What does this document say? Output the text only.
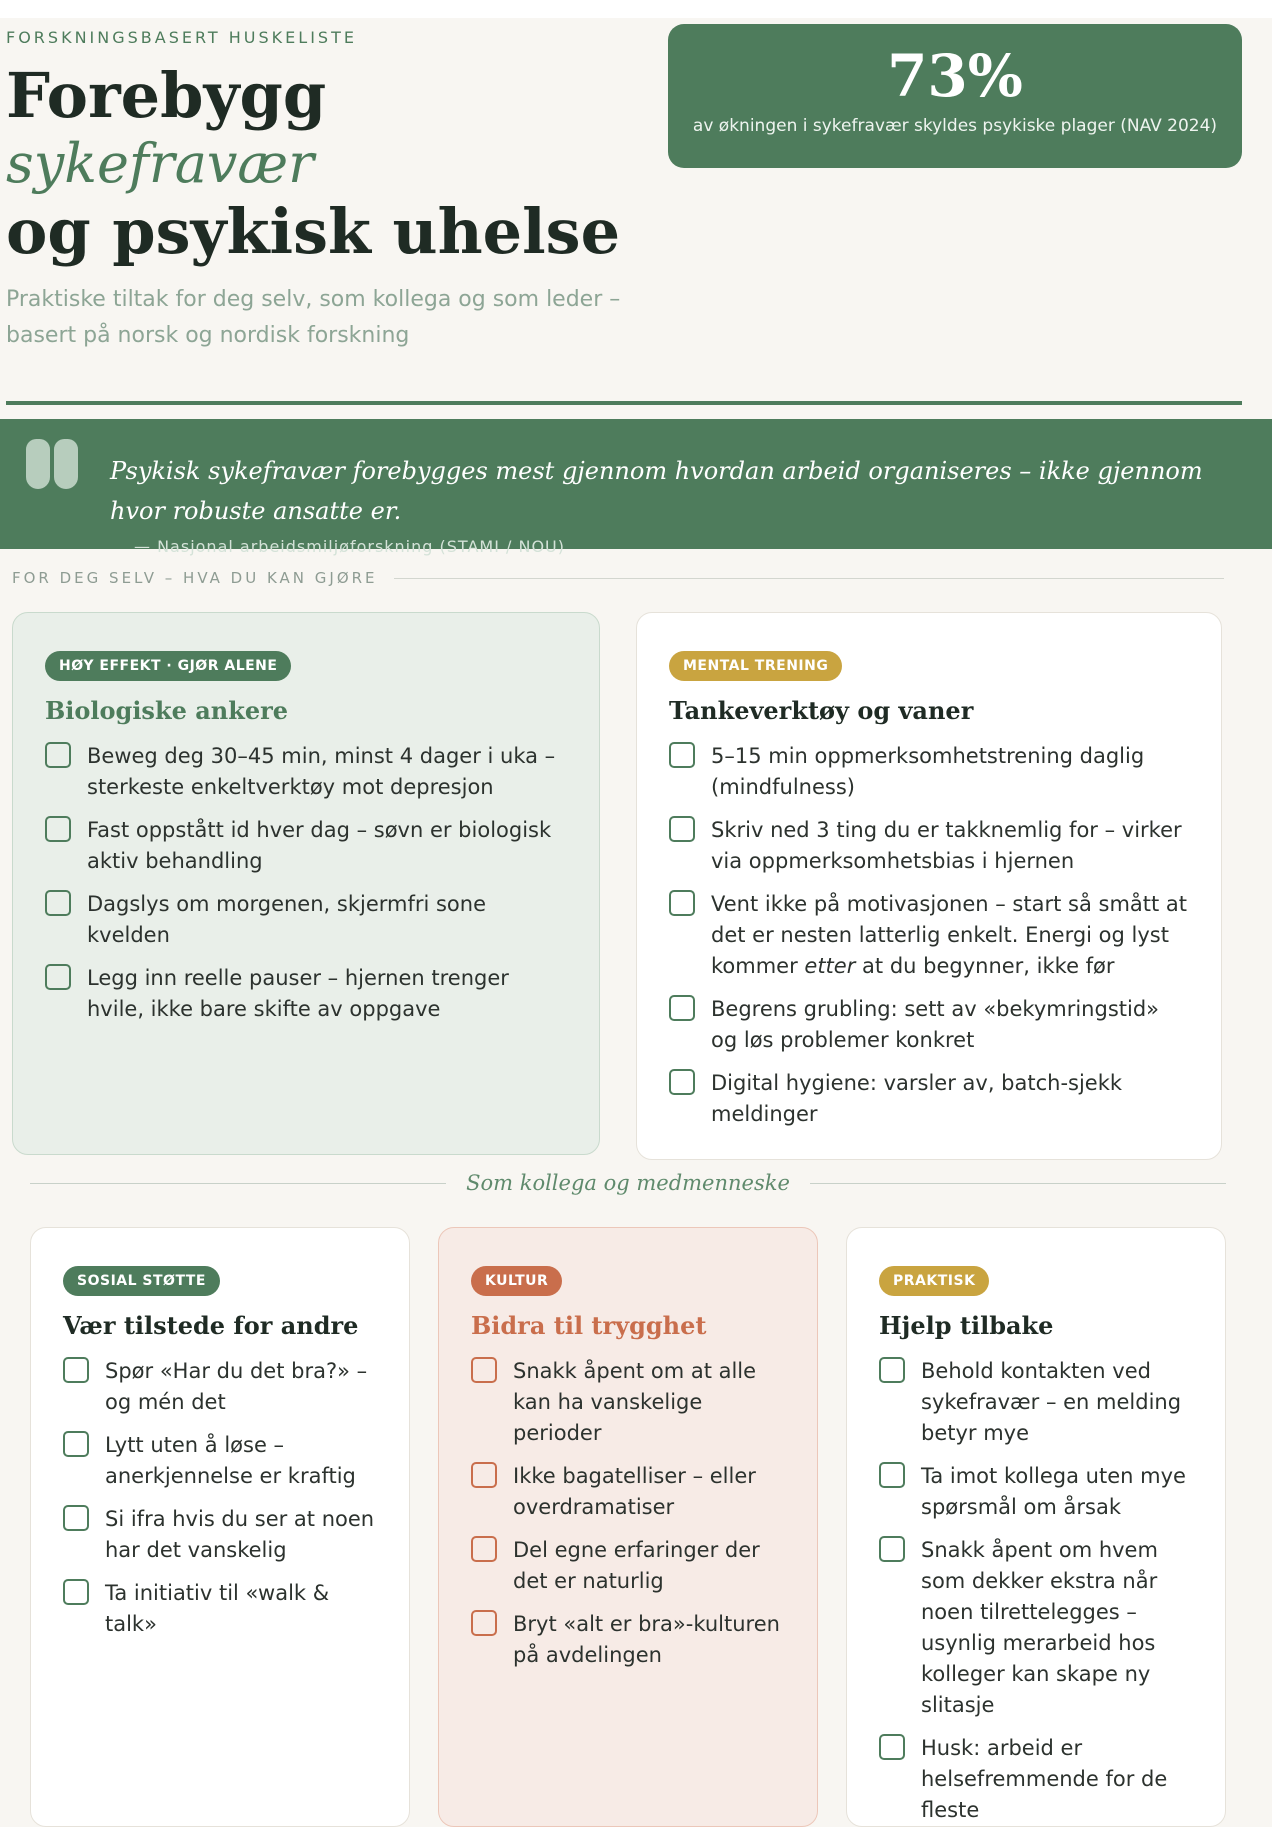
FORSKNINGSBASERT HUSKELISTE
Forebygg
sykefravær
og psykisk uhelse
Praktiske tiltak for deg selv, som kollega og som leder – basert på norsk og nordisk forskning
73%
av økningen i sykefravær skyldes psykiske plager (NAV 2024)
Psykisk sykefravær forebygges mest gjennom hvordan arbeid organiseres – ikke gjennom hvor robuste ansatte er.
— Nasjonal arbeidsmiljøforskning (STAMI / NOU)
FOR DEG SELV – HVA DU KAN GJØRE
HØY EFFEKT · GJØR ALENE
Biologiske ankere
Beweg deg 30–45 min, minst 4 dager i uka – sterkeste enkeltverktøy mot depresjon
Fast oppstått id hver dag – søvn er biologisk aktiv behandling
Dagslys om morgenen, skjermfri sone kvelden
Legg inn reelle pauser – hjernen trenger hvile, ikke bare skifte av oppgave
MENTAL TRENING
Tankeverktøy og vaner
5–15 min oppmerksomhetstrening daglig (mindfulness)
Skriv ned 3 ting du er takknemlig for – virker via oppmerksomhetsbias i hjernen
Vent ikke på motivasjonen – start så smått at det er nesten latterlig enkelt. Energi og lyst kommer etter at du begynner, ikke før
Begrens grubling: sett av «bekymringstid» og løs problemer konkret
Digital hygiene: varsler av, batch-sjekk meldinger
Som kollega og medmenneske
SOSIAL STØTTE
Vær tilstede for andre
Spør «Har du det bra?» – og mén det
Lytt uten å løse – anerkjennelse er kraftig
Si ifra hvis du ser at noen har det vanskelig
Ta initiativ til «walk & talk»
KULTUR
Bidra til trygghet
Snakk åpent om at alle kan ha vanskelige perioder
Ikke bagatelliser – eller overdramatiser
Del egne erfaringer der det er naturlig
Bryt «alt er bra»-kulturen på avdelingen
PRAKTISK
Hjelp tilbake
Behold kontakten ved sykefravær – en melding betyr mye
Ta imot kollega uten mye spørsmål om årsak
Snakk åpent om hvem som dekker ekstra når noen tilrettelegges – usynlig merarbeid hos kolleger kan skape ny slitasje
Husk: arbeid er helsefremmende for de fleste
